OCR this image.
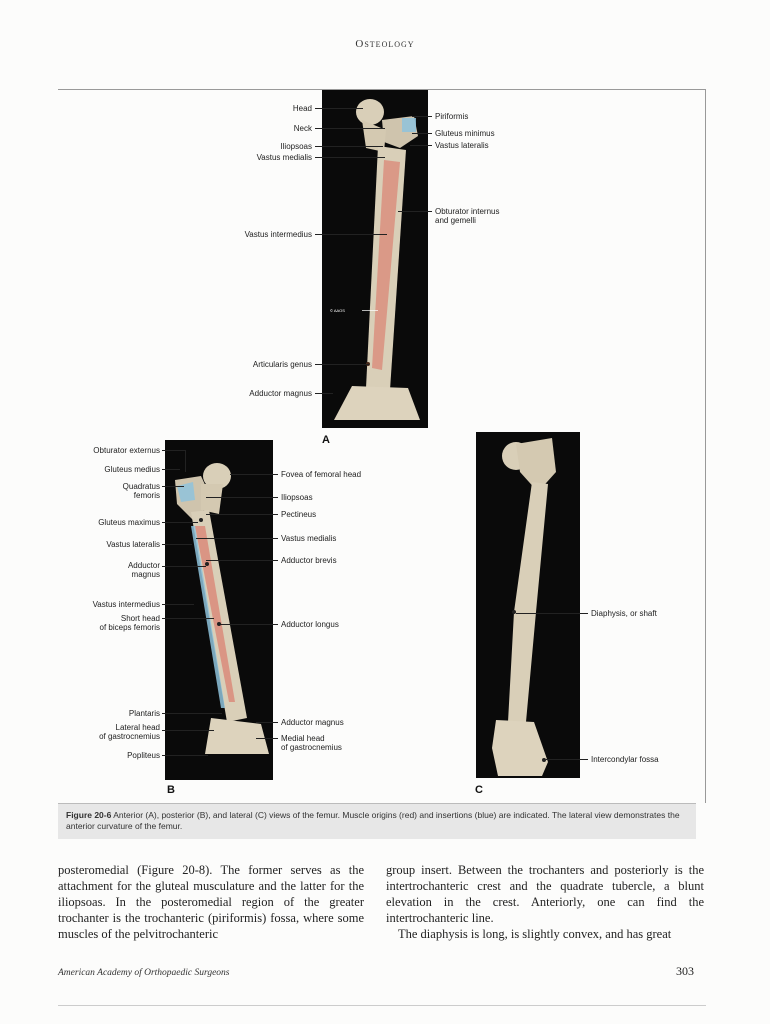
Osteology
© AAOS
Head
Neck
Iliopsoas
Vastus medialis
Vastus intermedius
Articularis genus
Adductor magnus
Piriformis
Gluteus minimus
Vastus lateralis
Obturator internus
and gemelli
A
Obturator externus
Gluteus medius
Quadratus
femoris
Gluteus maximus
Vastus lateralis
Adductor
magnus
Vastus intermedius
Short head
of biceps femoris
Plantaris
Lateral head
of gastrocnemius
Popliteus
Fovea of femoral head
Iliopsoas
Pectineus
Vastus medialis
Adductor brevis
Adductor longus
Adductor magnus
Medial head
of gastrocnemius
B
Diaphysis, or shaft
Intercondylar fossa
C
Figure 20-6 Anterior (A), posterior (B), and lateral (C) views of the femur. Muscle origins (red) and insertions (blue) are indicated. The lateral view demonstrates the anterior curvature of the femur.
posteromedial (Figure 20-8). The former serves as the attachment for the gluteal musculature and the latter for the iliopsoas. In the posteromedial region of the greater trochanter is the trochanteric (piriformis) fossa, where some muscles of the pelvitrochanteric
group insert. Between the trochanters and posteriorly is the intertrochanteric crest and the quadrate tubercle, a blunt elevation in the crest. Anteriorly, one can find the intertrochanteric line.
The diaphysis is long, is slightly convex, and has great
American Academy of Orthopaedic Surgeons	303
